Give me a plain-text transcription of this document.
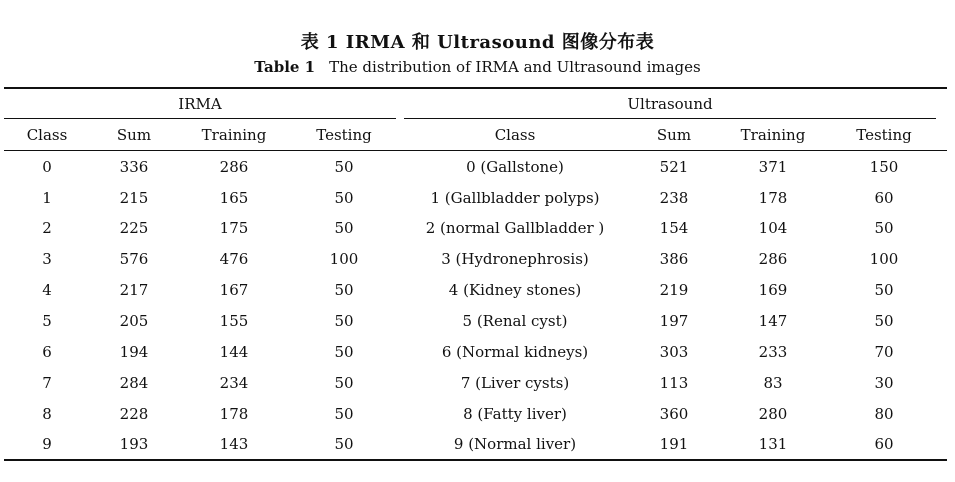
表 1 IRMA 和 Ultrasound 图像分布表
Table 1 The distribution of IRMA and Ultrasound images
IRMA	Ultrasound
Class	Sum	Training	Testing	Class	Sum	Training	Testing
0	336	286	50	0 (Gallstone)	521	371	150
1	215	165	50	1 (Gallbladder polyps)	238	178	60
2	225	175	50	2 (normal Gallbladder )	154	104	50
3	576	476	100	3 (Hydronephrosis)	386	286	100
4	217	167	50	4 (Kidney stones)	219	169	50
5	205	155	50	5 (Renal cyst)	197	147	50
6	194	144	50	6 (Normal kidneys)	303	233	70
7	284	234	50	7 (Liver cysts)	113	83	30
8	228	178	50	8 (Fatty liver)	360	280	80
9	193	143	50	9 (Normal liver)	191	131	60
